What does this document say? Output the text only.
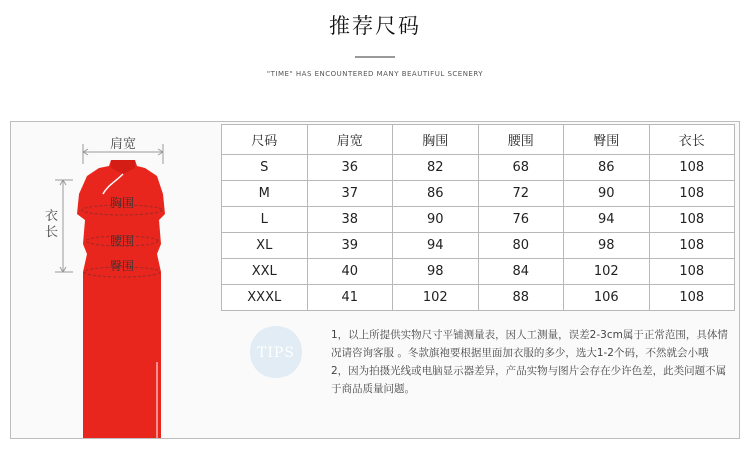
推荐尺码
"TIME" HAS ENCOUNTERED MANY BEAUTIFUL SCENERY
肩宽
衣 长
胸围
腰围
臀围
尺码	肩宽	胸围	腰围	臀围	衣长
S	36	82	68	86	108
M	37	86	72	90	108
L	38	90	76	94	108
XL	39	94	80	98	108
XXL	40	98	84	102	108
XXXL	41	102	88	106	108
TIPS

1，以上所提供实物尺寸平铺测量表，因人工测量，误差2-3cm属于正常范围，具体情况请咨询客服 。冬款旗袍要根据里面加衣服的多少，选大1-2个码，不然就会小哦

2，因为拍摄光线或电脑显示器差异，产品实物与图片会存在少许色差，此类问题不属于商品质量问题。
